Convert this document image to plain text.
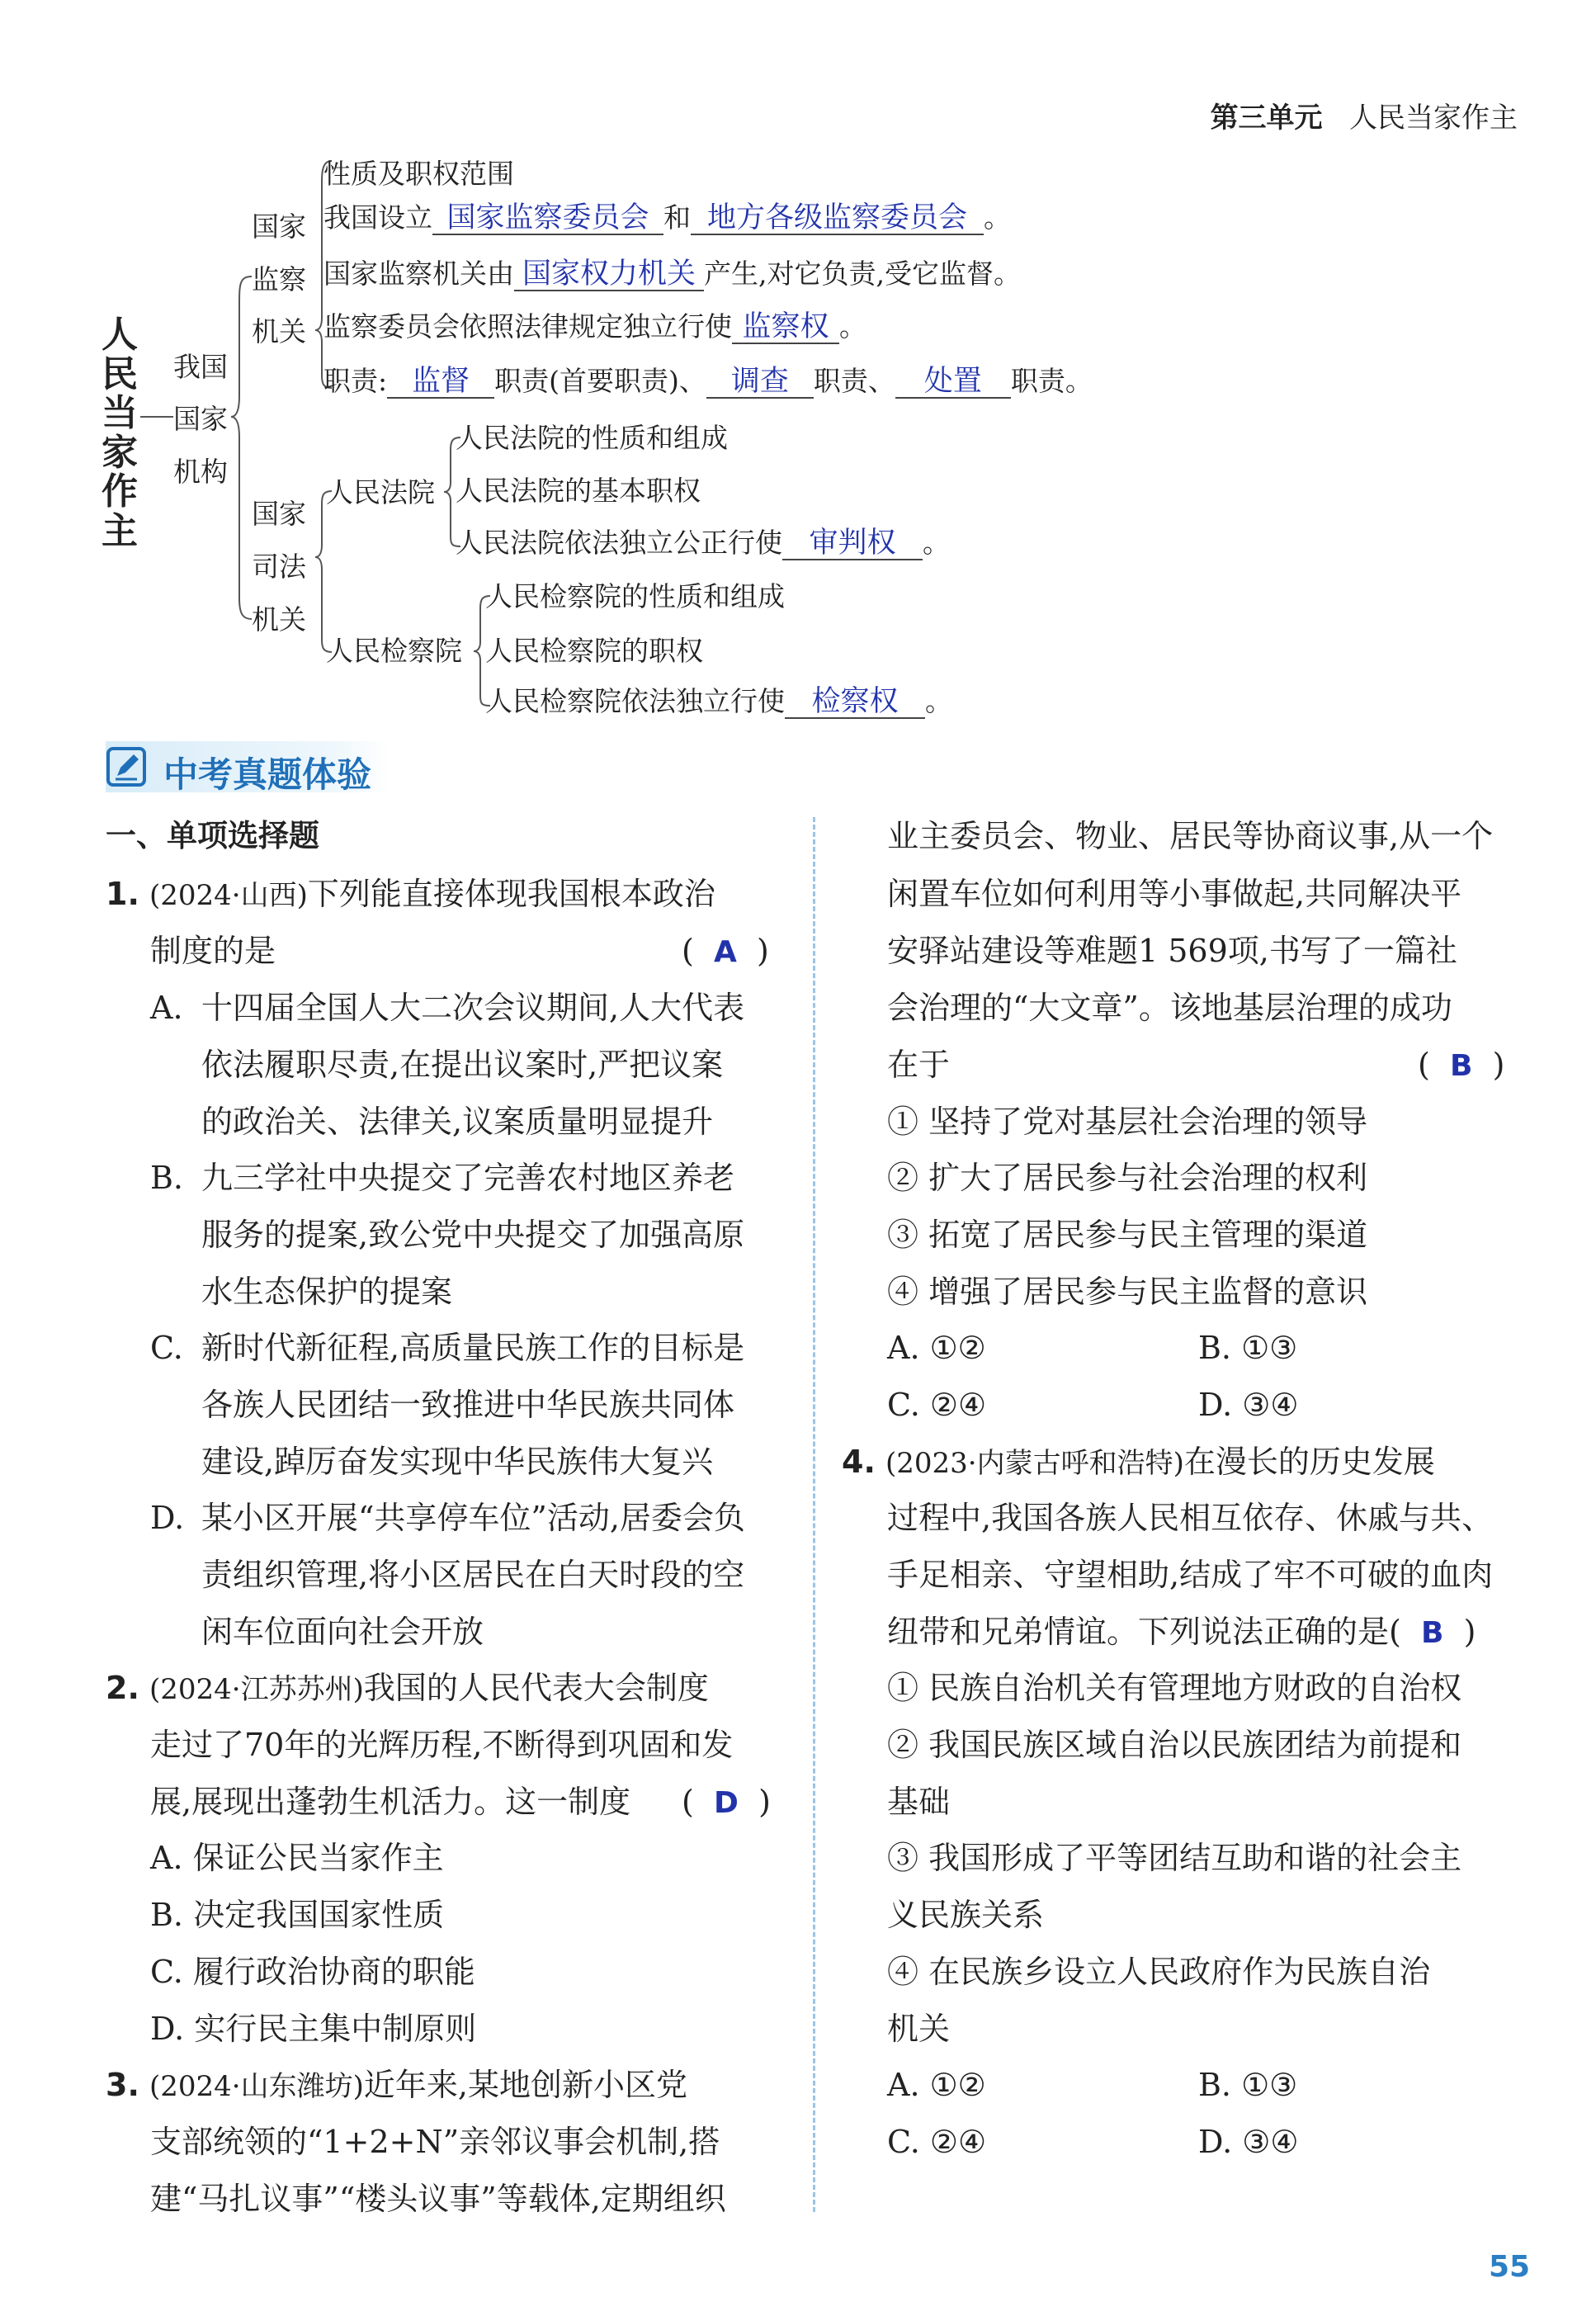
第三单元 人民当家作主
人民当家作主
我国
国家
机构
国家
监察
机关
性质及职权范围
我国设立 国家监察委员会 和 地方各级监察委员会 。
国家监察机关由 国家权力机关 产生,对它负责,受它监督。
监察委员会依照法律规定独立行使 监察权 。
职责: 监督 职责(首要职责)、 调查 职责、 处置 职责。
国家
司法
机关
人民法院
人民法院的性质和组成
人民法院的基本职权
人民法院依法独立公正行使 审判权 。
人民检察院
人民检察院的性质和组成
人民检察院的职权
人民检察院依法独立行使 检察权 。
中考真题体验
一、单项选择题
1. (2024·山西)下列能直接体现我国根本政治
制度的是	( A )
A. 十四届全国人大二次会议期间,人大代表
依法履职尽责,在提出议案时,严把议案
的政治关、法律关,议案质量明显提升
B. 九三学社中央提交了完善农村地区养老
服务的提案,致公党中央提交了加强高原
水生态保护的提案
C. 新时代新征程,高质量民族工作的目标是
各族人民团结一致推进中华民族共同体
建设,踔厉奋发实现中华民族伟大复兴
D. 某小区开展“共享停车位”活动,居委会负
责组织管理,将小区居民在白天时段的空
闲车位面向社会开放
2. (2024·江苏苏州)我国的人民代表大会制度
走过了70年的光辉历程,不断得到巩固和发
展,展现出蓬勃生机活力。这一制度 ( D )
A. 保证公民当家作主
B. 决定我国国家性质
C. 履行政治协商的职能
D. 实行民主集中制原则
3. (2024·山东潍坊)近年来,某地创新小区党
支部统领的“1+2+N”亲邻议事会机制,搭
建“马扎议事”“楼头议事”等载体,定期组织
业主委员会、物业、居民等协商议事,从一个
闲置车位如何利用等小事做起,共同解决平
安驿站建设等难题1 569项,书写了一篇社
会治理的“大文章”。该地基层治理的成功
在于	( B )
① 坚持了党对基层社会治理的领导
② 扩大了居民参与社会治理的权利
③ 拓宽了居民参与民主管理的渠道
④ 增强了居民参与民主监督的意识
A. ①②	B. ①③
C. ②④	D. ③④
4. (2023·内蒙古呼和浩特)在漫长的历史发展
过程中,我国各族人民相互依存、休戚与共、
手足相亲、守望相助,结成了牢不可破的血肉
纽带和兄弟情谊。下列说法正确的是( B )
① 民族自治机关有管理地方财政的自治权
② 我国民族区域自治以民族团结为前提和
基础
③ 我国形成了平等团结互助和谐的社会主
义民族关系
④ 在民族乡设立人民政府作为民族自治
机关
A. ①②	B. ①③
C. ②④	D. ③④
55
